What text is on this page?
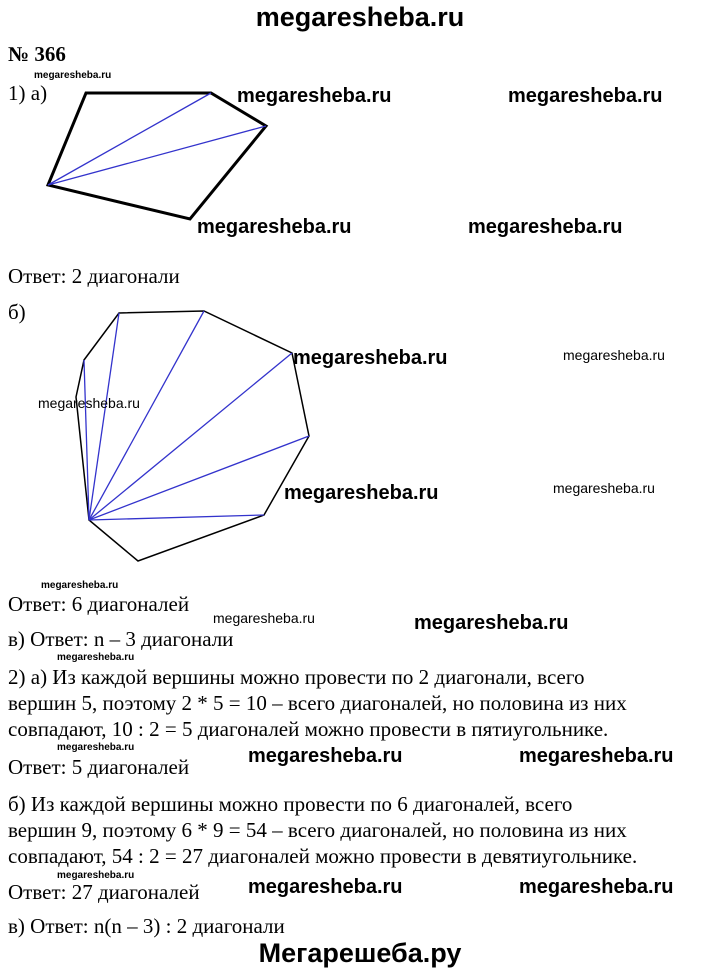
megaresheba.ru
№ 366
megaresheba.ru
1) а)	megaresheba.ru	megaresheba.ru
megaresheba.ru	megaresheba.ru
Ответ: 2 диагонали
б)
megaresheba.ru	megaresheba.ru
megaresheba.ru
megaresheba.ru	megaresheba.ru
megaresheba.ru
Ответ: 6 диагоналей
megaresheba.ru	megaresheba.ru
в) Ответ: n – 3 диагонали
megaresheba.ru
2) а) Из каждой вершины можно провести по 2 диагонали, всего
вершин 5, поэтому 2 * 5 = 10 – всего диагоналей, но половина из них
совпадают, 10 : 2 = 5 диагоналей можно провести в пятиугольнике.
megaresheba.ru
Ответ: 5 диагоналей	megaresheba.ru	megaresheba.ru
б) Из каждой вершины можно провести по 6 диагоналей, всего
вершин 9, поэтому 6 * 9 = 54 – всего диагоналей, но половина из них
совпадают, 54 : 2 = 27 диагоналей можно провести в девятиугольнике.
megaresheba.ru
Ответ: 27 диагоналей megaresheba.ru	megaresheba.ru
в) Ответ: n(n – 3) : 2 диагонали
Мегарешеба.ру
